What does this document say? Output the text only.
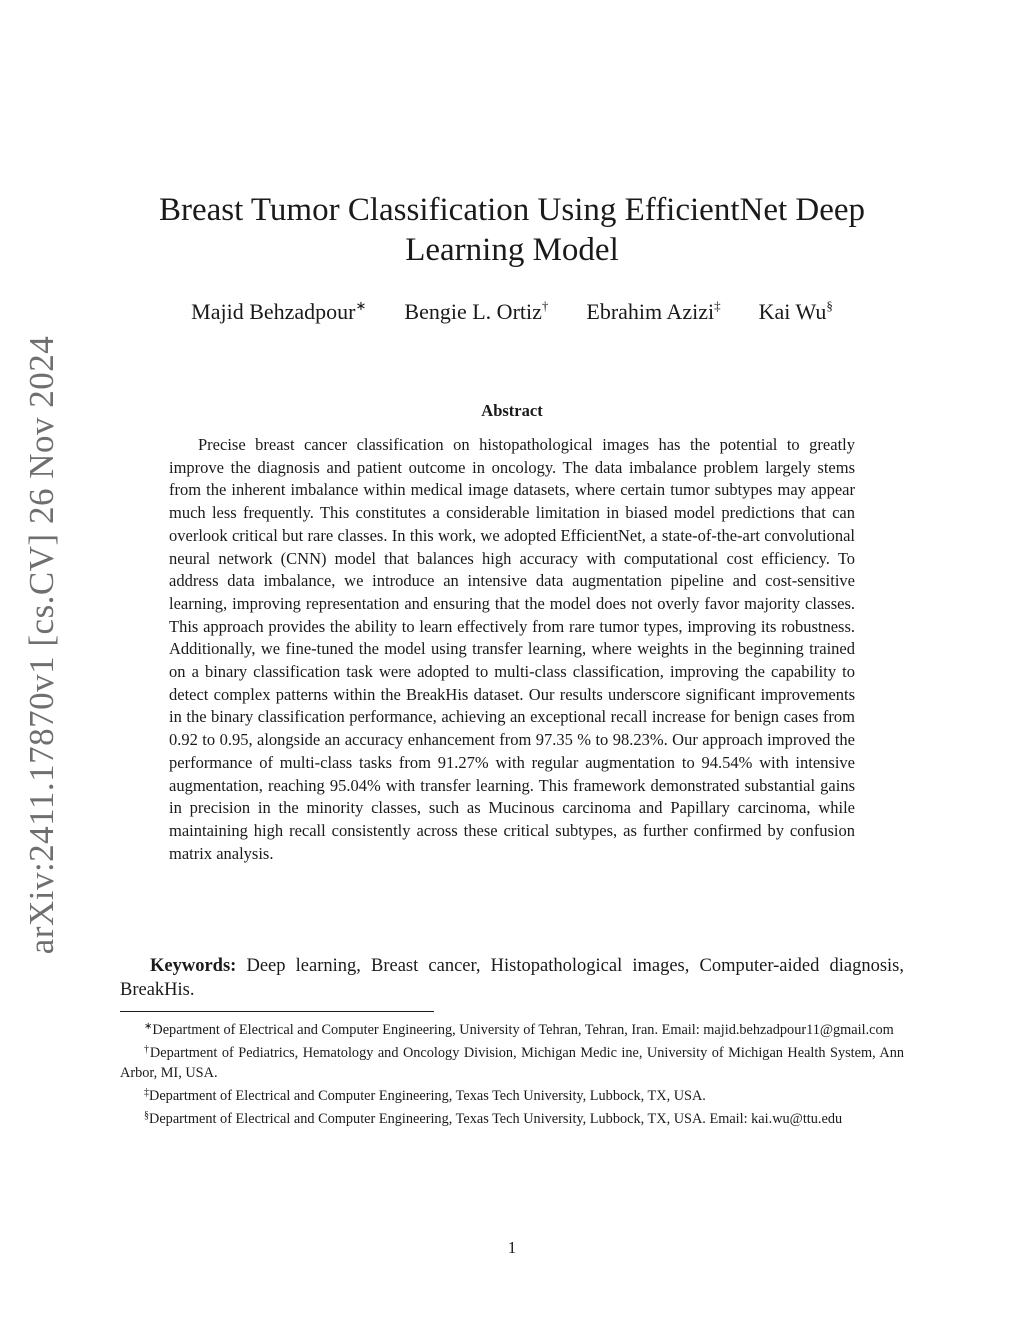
arXiv:2411.17870v1 [cs.CV] 26 Nov 2024
Breast Tumor Classification Using EfficientNet Deep Learning Model
Majid Behzadpour∗ Bengie L. Ortiz† Ebrahim Azizi‡ Kai Wu§
Abstract

Precise breast cancer classification on histopathological images has the potential to greatly improve the diagnosis and patient outcome in oncology. The data imbalance problem largely stems from the inherent imbalance within medical image datasets, where certain tumor subtypes may appear much less frequently. This constitutes a considerable limitation in biased model predictions that can overlook critical but rare classes. In this work, we adopted EfficientNet, a state-of-the-art convolutional neural network (CNN) model that balances high accuracy with computational cost efficiency. To address data imbalance, we introduce an intensive data augmentation pipeline and cost-sensitive learning, improving representation and ensuring that the model does not overly favor majority classes. This approach provides the ability to learn effectively from rare tumor types, improving its robustness. Additionally, we fine-tuned the model using transfer learning, where weights in the beginning trained on a binary classification task were adopted to multi-class classification, improving the capability to detect complex patterns within the BreakHis dataset. Our results underscore significant improvements in the binary classification performance, achieving an exceptional recall increase for benign cases from 0.92 to 0.95, alongside an accuracy enhancement from 97.35 % to 98.23%. Our approach improved the performance of multi-class tasks from 91.27% with regular augmentation to 94.54% with intensive augmentation, reaching 95.04% with transfer learning. This framework demonstrated substantial gains in precision in the minority classes, such as Mucinous carcinoma and Papillary carcinoma, while maintaining high recall consistently across these critical subtypes, as further confirmed by confusion matrix analysis.

Keywords: Deep learning, Breast cancer, Histopathological images, Computer-aided diagnosis, BreakHis.

∗Department of Electrical and Computer Engineering, University of Tehran, Tehran, Iran. Email: majid.behzadpour11@gmail.com

†Department of Pediatrics, Hematology and Oncology Division, Michigan Medic ine, University of Michigan Health System, Ann Arbor, MI, USA.

‡Department of Electrical and Computer Engineering, Texas Tech University, Lubbock, TX, USA.

§Department of Electrical and Computer Engineering, Texas Tech University, Lubbock, TX, USA. Email: kai.wu@ttu.edu

1
